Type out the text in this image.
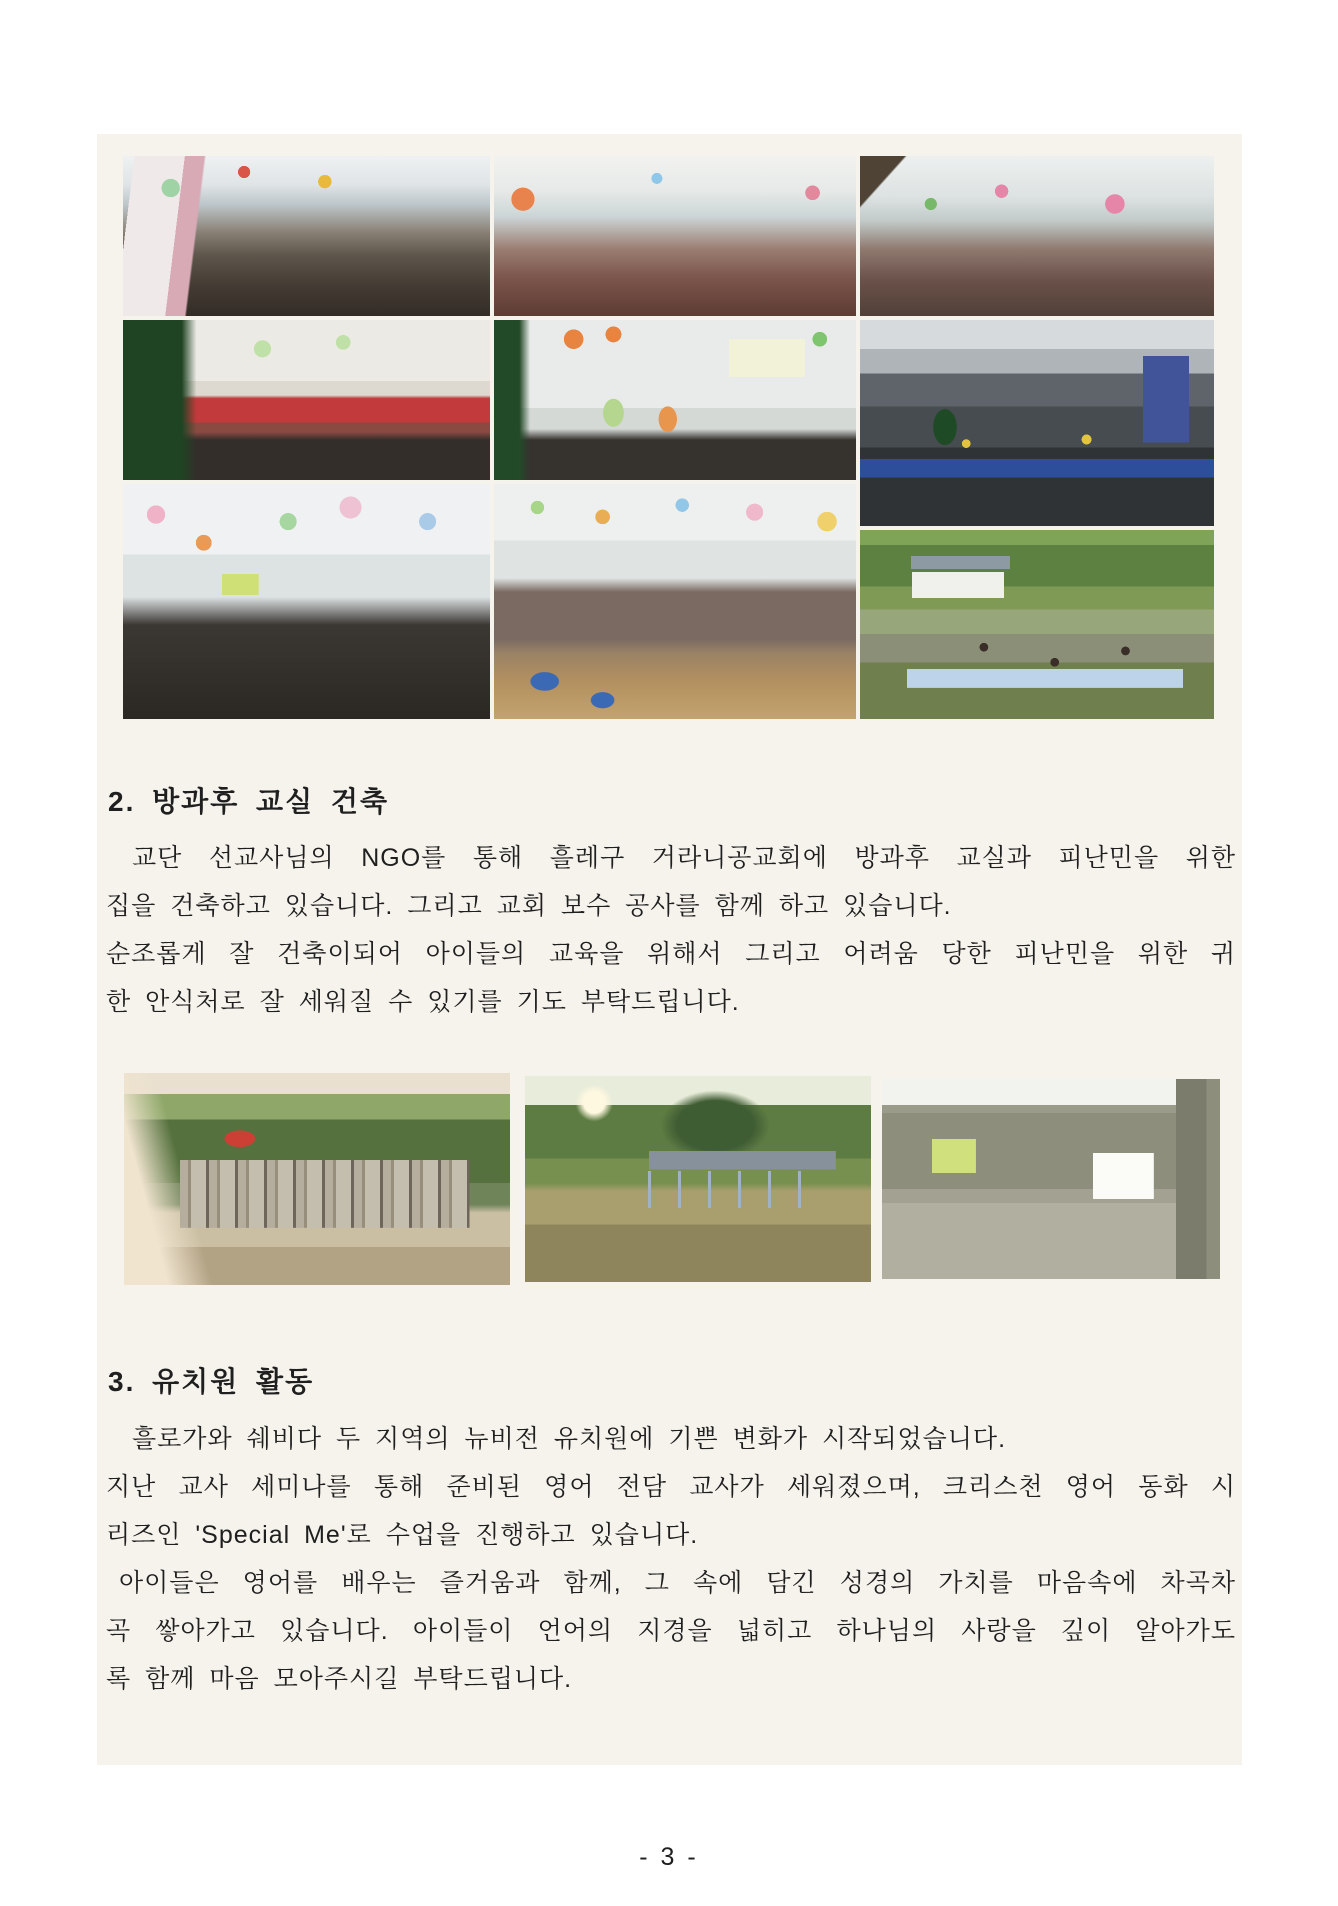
2. 방과후 교실 건축
교단 선교사님의 NGO를 통해 흘레구 거라니공교회에 방과후 교실과 피난민을 위한
집을 건축하고 있습니다. 그리고 교회 보수 공사를 함께 하고 있습니다.
순조롭게 잘 건축이되어 아이들의 교육을 위해서 그리고 어려움 당한 피난민을 위한 귀
한 안식처로 잘 세워질 수 있기를 기도 부탁드립니다.
3. 유치원 활동
흘로가와 쉐비다 두 지역의 뉴비전 유치원에 기쁜 변화가 시작되었습니다.
지난 교사 세미나를 통해 준비된 영어 전담 교사가 세워졌으며, 크리스천 영어 동화 시
리즈인 'Special Me'로 수업을 진행하고 있습니다.
아이들은 영어를 배우는 즐거움과 함께, 그 속에 담긴 성경의 가치를 마음속에 차곡차
곡 쌓아가고 있습니다. 아이들이 언어의 지경을 넓히고 하나님의 사랑을 깊이 알아가도
록 함께 마음 모아주시길 부탁드립니다.
- 3 -
